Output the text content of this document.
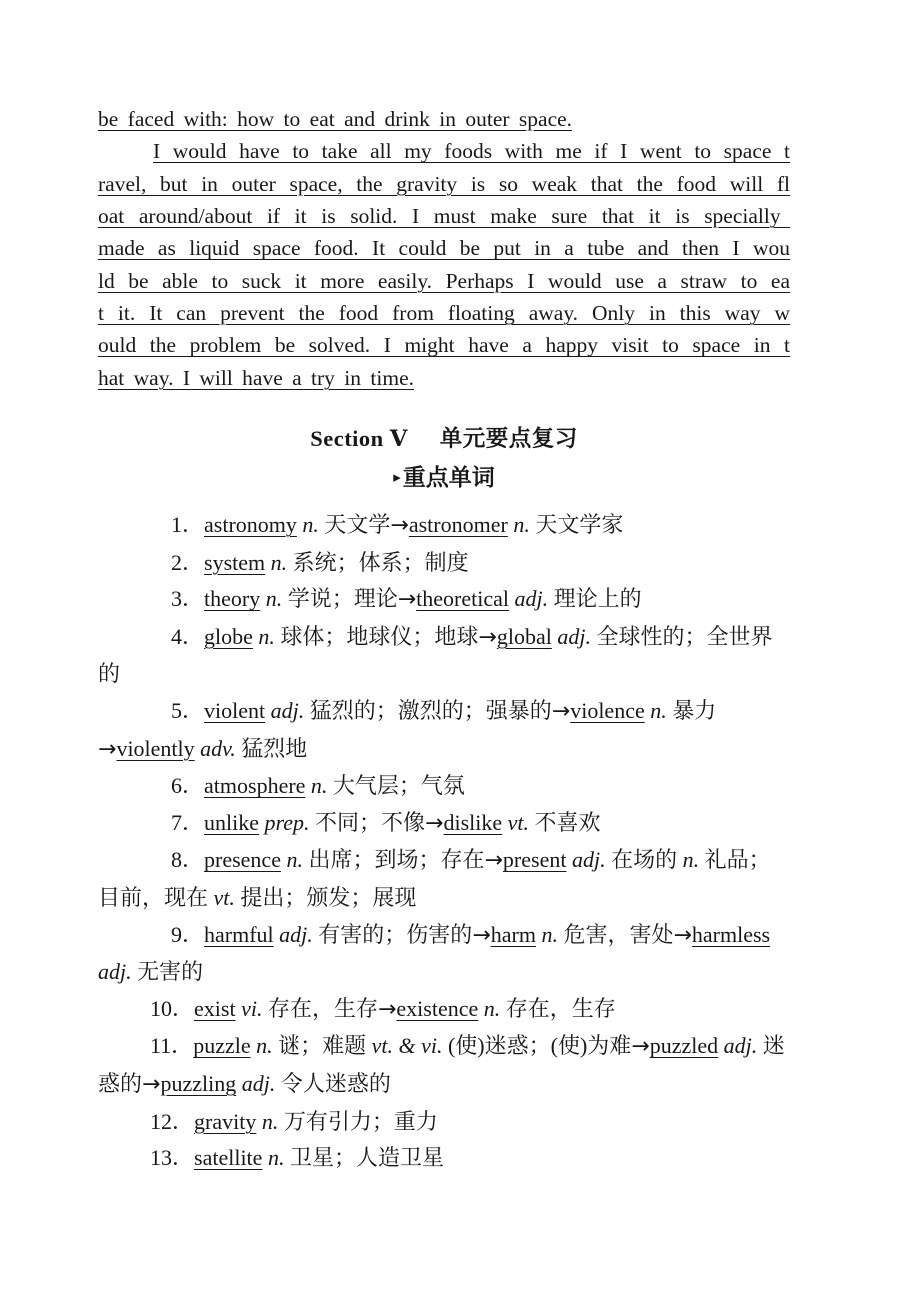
be faced with: how to eat and drink in outer space.
I would have to take all my foods with me if I went to space t
ravel, but in outer space, the gravity is so weak that the food will fl
oat around/about if it is solid. I must make sure that it is specially
made as liquid space food. It could be put in a tube and then I wou
ld be able to suck it more easily. Perhaps I would use a straw to ea
t it. It can prevent the food from floating away. Only in this way w
ould the problem be solved. I might have a happy visit to space in t
hat way. I will have a try in time.
Section Ⅴ 单元要点复习
▸重点单词
1．astronomy n. 天文学→astronomer n. 天文学家
2．system n. 系统；体系；制度
3．theory n. 学说；理论→theoretical adj. 理论上的
4．globe n. 球体；地球仪；地球→global adj. 全球性的；全世界的
5．violent adj. 猛烈的；激烈的；强暴的→violence n. 暴力→violently adv. 猛烈地
6．atmosphere n. 大气层；气氛
7．unlike prep. 不同；不像→dislike vt. 不喜欢
8．presence n. 出席；到场；存在→present adj. 在场的 n. 礼品；目前，现在 vt. 提出；颁发；展现
9．harmful adj. 有害的；伤害的→harm n. 危害，害处→harmless adj. 无害的
10．exist vi. 存在，生存→existence n. 存在，生存
11．puzzle n. 谜；难题 vt. & vi. (使)迷惑；(使)为难→puzzled adj. 迷惑的→puzzling adj. 令人迷惑的
12．gravity n. 万有引力；重力
13．satellite n. 卫星；人造卫星
